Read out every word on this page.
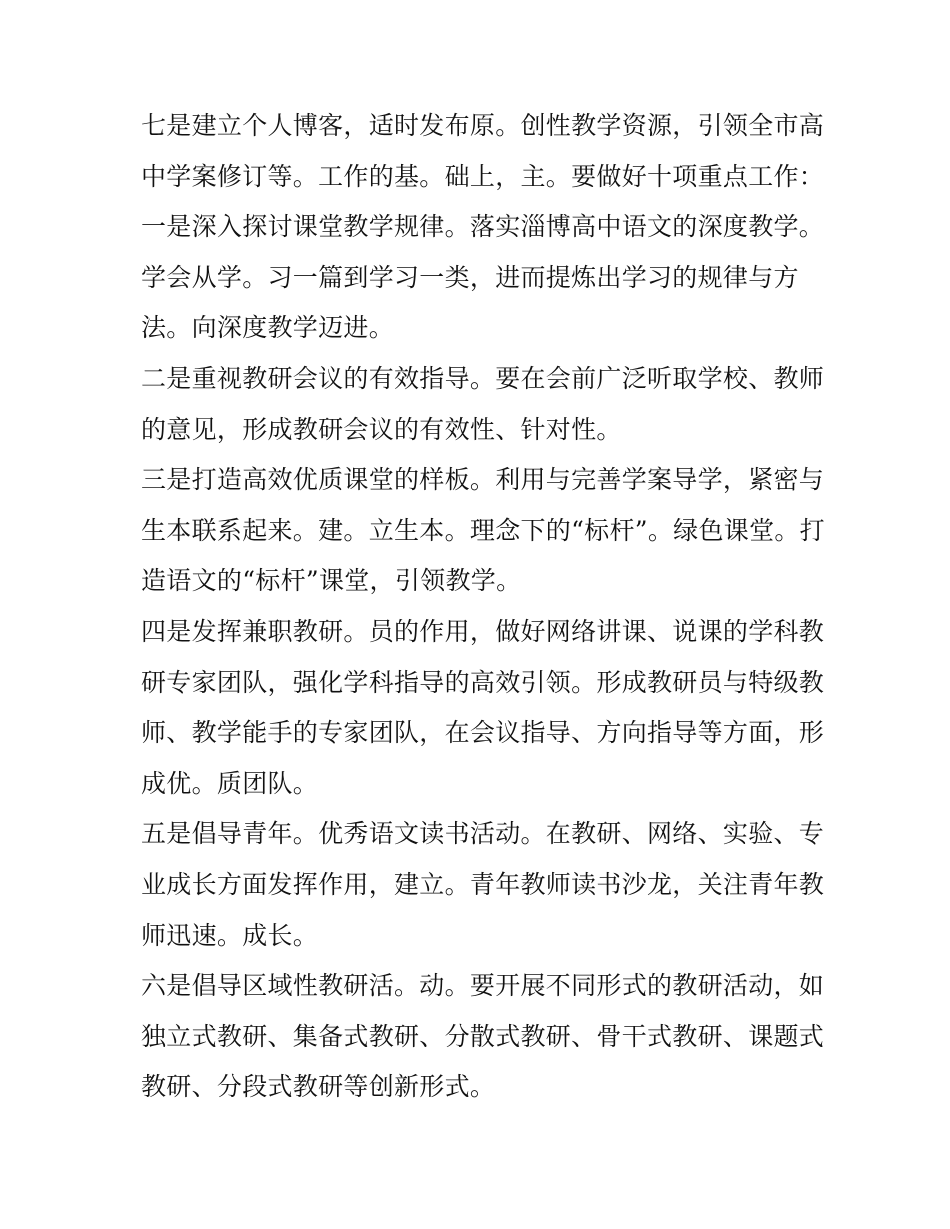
七是建立个人博客，适时发布原。创性教学资源，引领全市高
中学案修订等。工作的基。础上，主。要做好十项重点工作：
一是深入探讨课堂教学规律。落实淄博高中语文的深度教学。
学会从学。习一篇到学习一类，进而提炼出学习的规律与方
法。向深度教学迈进。
二是重视教研会议的有效指导。要在会前广泛听取学校、教师
的意见，形成教研会议的有效性、针对性。
三是打造高效优质课堂的样板。利用与完善学案导学，紧密与
生本联系起来。建。立生本。理念下的“标杆”。绿色课堂。打
造语文的“标杆”课堂，引领教学。
四是发挥兼职教研。员的作用，做好网络讲课、说课的学科教
研专家团队，强化学科指导的高效引领。形成教研员与特级教
师、教学能手的专家团队，在会议指导、方向指导等方面，形
成优。质团队。
五是倡导青年。优秀语文读书活动。在教研、网络、实验、专
业成长方面发挥作用，建立。青年教师读书沙龙，关注青年教
师迅速。成长。
六是倡导区域性教研活。动。要开展不同形式的教研活动，如
独立式教研、集备式教研、分散式教研、骨干式教研、课题式
教研、分段式教研等创新形式。
